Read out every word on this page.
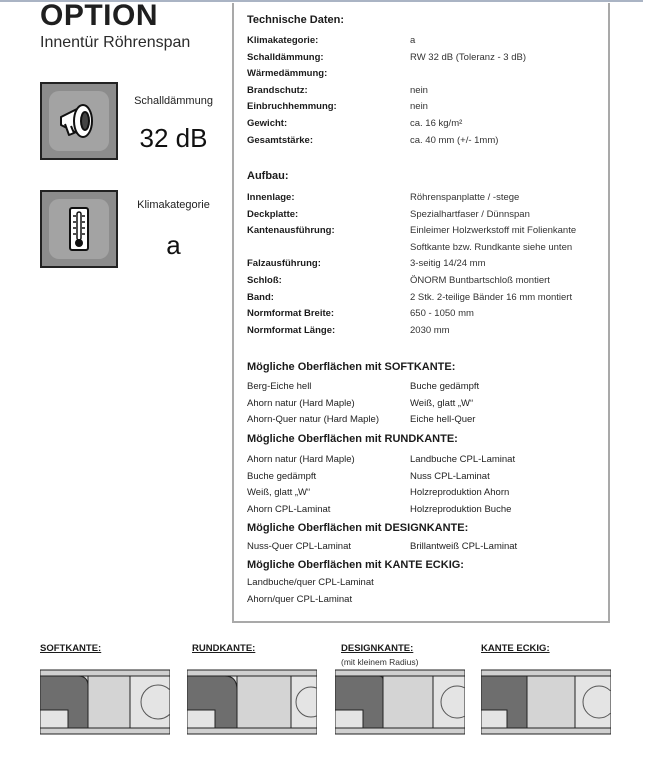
OPTION
Innentür Röhrenspan
Schalldämmung
32 dB
Klimakategorie
a
Technische Daten:
Klimakategorie:	a
Schalldämmung:	RW 32 dB (Toleranz - 3 dB)
Wärmedämmung:
Brandschutz:	nein
Einbruchhemmung:	nein
Gewicht:	ca. 16 kg/m²
Gesamtstärke:	ca. 40 mm (+/- 1mm)
Aufbau:
Innenlage:	Röhrenspanplatte / -stege
Deckplatte:	Spezialhartfaser / Dünnspan
Kantenausführung:	Einleimer Holzwerkstoff mit Folienkante
Softkante bzw. Rundkante siehe unten
Falzausführung:	3-seitig 14/24 mm
Schloß:	ÖNORM Buntbartschloß montiert
Band:	2 Stk. 2-teilige Bänder 16 mm montiert
Normformat Breite:	650 - 1050 mm
Normformat Länge:	2030 mm
Mögliche Oberflächen mit SOFTKANTE:
Berg-Eiche hell	Buche gedämpft
Ahorn natur (Hard Maple)	Weiß, glatt „W“
Ahorn-Quer natur (Hard Maple)	Eiche hell-Quer
Mögliche Oberflächen mit RUNDKANTE:
Ahorn natur (Hard Maple)	Landbuche CPL-Laminat
Buche gedämpft	Nuss CPL-Laminat
Weiß, glatt „W“	Holzreproduktion Ahorn
Ahorn CPL-Laminat	Holzreproduktion Buche
Mögliche Oberflächen mit DESIGNKANTE:
Nuss-Quer CPL-Laminat	Brillantweiß CPL-Laminat
Mögliche Oberflächen mit KANTE ECKIG:
Landbuche/quer CPL-Laminat
Ahorn/quer CPL-Laminat
SOFTKANTE:	RUNDKANTE:	DESIGNKANTE:
(mit kleinem Radius)
KANTE ECKIG:
